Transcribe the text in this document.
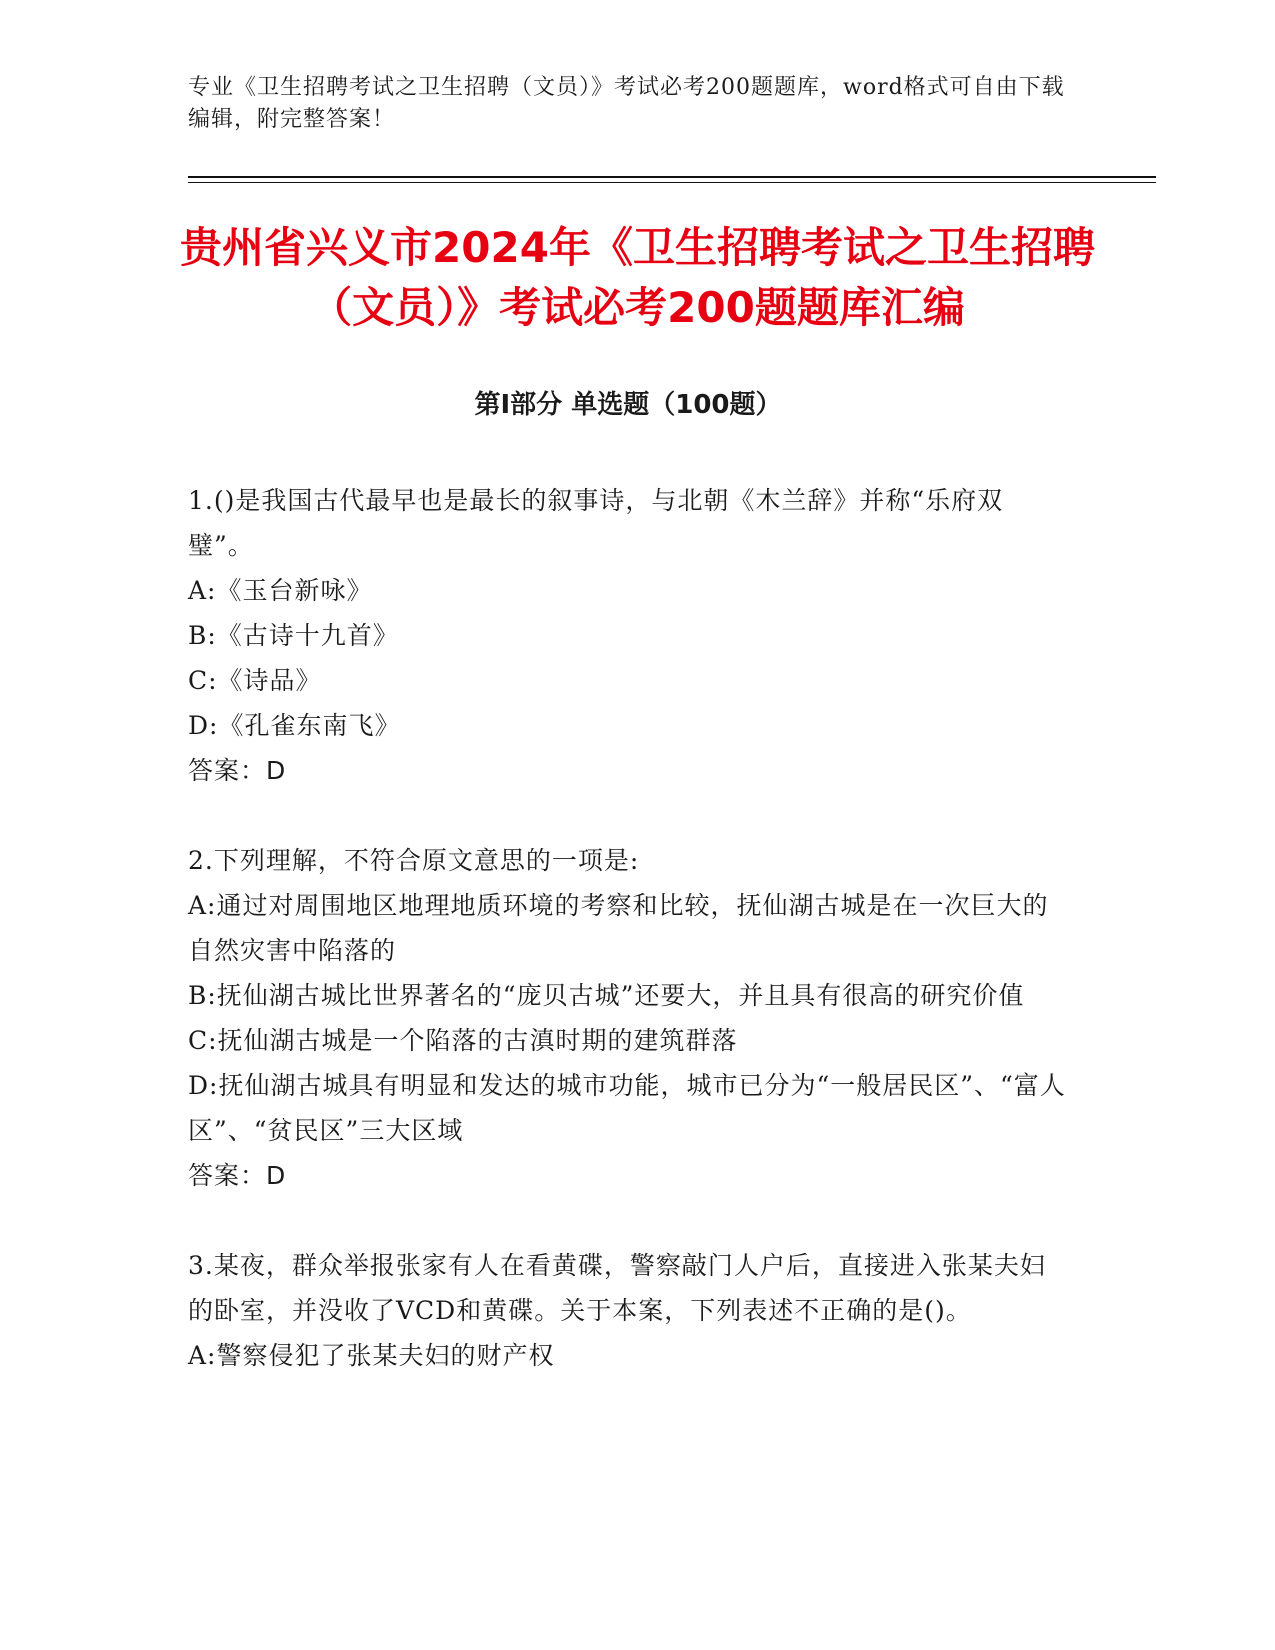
专业《卫生招聘考试之卫生招聘（文员）》考试必考200题题库，word格式可自由下载编辑，附完整答案！
贵州省兴义市2024年《卫生招聘考试之卫生招聘（文员）》考试必考200题题库汇编
第Ⅰ部分 单选题（100题）
1.()是我国古代最早也是最长的叙事诗，与北朝《木兰辞》并称“乐府双璧”。
A:《玉台新咏》
B:《古诗十九首》
C:《诗品》
D:《孔雀东南飞》
答案：D
2.下列理解，不符合原文意思的一项是:
A:通过对周围地区地理地质环境的考察和比较，抚仙湖古城是在一次巨大的自然灾害中陷落的
B:抚仙湖古城比世界著名的“庞贝古城”还要大，并且具有很高的研究价值
C:抚仙湖古城是一个陷落的古滇时期的建筑群落
D:抚仙湖古城具有明显和发达的城市功能，城市已分为“一般居民区”、“富人区”、“贫民区”三大区域
答案：D
3.某夜，群众举报张家有人在看黄碟，警察敲门人户后，直接进入张某夫妇的卧室，并没收了VCD和黄碟。关于本案，下列表述不正确的是()。
A:警察侵犯了张某夫妇的财产权
